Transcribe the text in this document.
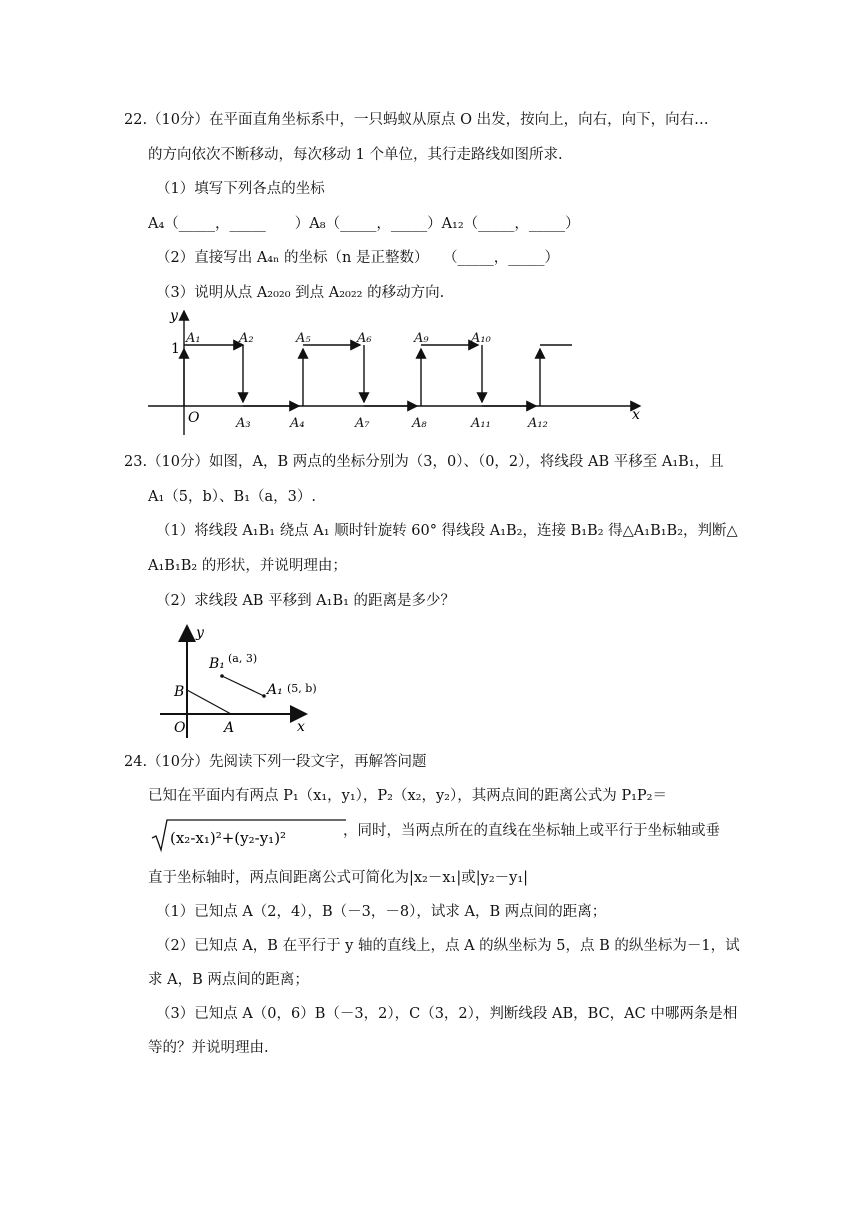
22.（10分）在平面直角坐标系中，一只蚂蚁从原点 O 出发，按向上，向右，向下，向右…
的方向依次不断移动，每次移动 1 个单位，其行走路线如图所求.
（1）填写下列各点的坐标
A₄（_____，_____　　）A₈（_____，_____）A₁₂（_____，_____）
（2）直接写出 A₄ₙ 的坐标（n 是正整数）　　（_____，_____）
（3）说明从点 A₂₀₂₀ 到点 A₂₀₂₂ 的移动方向.
y
x
1
O
A₁	A₂
A₃	A₄
A₅	A₆
A₇	A₈
A₉	A₁₀
A₁₁	A₁₂
23.（10分）如图，A，B 两点的坐标分别为（3，0）、（0，2），将线段 AB 平移至 A₁B₁，且
A₁（5，b）、B₁（a，3）.
（1）将线段 A₁B₁ 绕点 A₁ 顺时针旋转 60° 得线段 A₁B₂，连接 B₁B₂ 得△A₁B₁B₂，判断△
A₁B₁B₂ 的形状，并说明理由；
（2）求线段 AB 平移到 A₁B₁ 的距离是多少？
y
x
O	A
B
B₁ (a, 3)
A₁ (5, b)
24.（10分）先阅读下列一段文字，再解答问题
已知在平面内有两点 P₁（x₁，y₁），P₂（x₂，y₂），其两点间的距离公式为 P₁P₂＝
(x₂-x₁)²+(y₂-y₁)²	，同时，当两点所在的直线在坐标轴上或平行于坐标轴或垂
直于坐标轴时，两点间距离公式可简化为|x₂－x₁|或|y₂－y₁|
（1）已知点 A（2，4），B（－3，－8），试求 A，B 两点间的距离；
（2）已知点 A，B 在平行于 y 轴的直线上，点 A 的纵坐标为 5，点 B 的纵坐标为－1，试
求 A，B 两点间的距离；
（3）已知点 A（0，6）B（－3，2），C（3，2），判断线段 AB，BC，AC 中哪两条是相
等的？并说明理由.
